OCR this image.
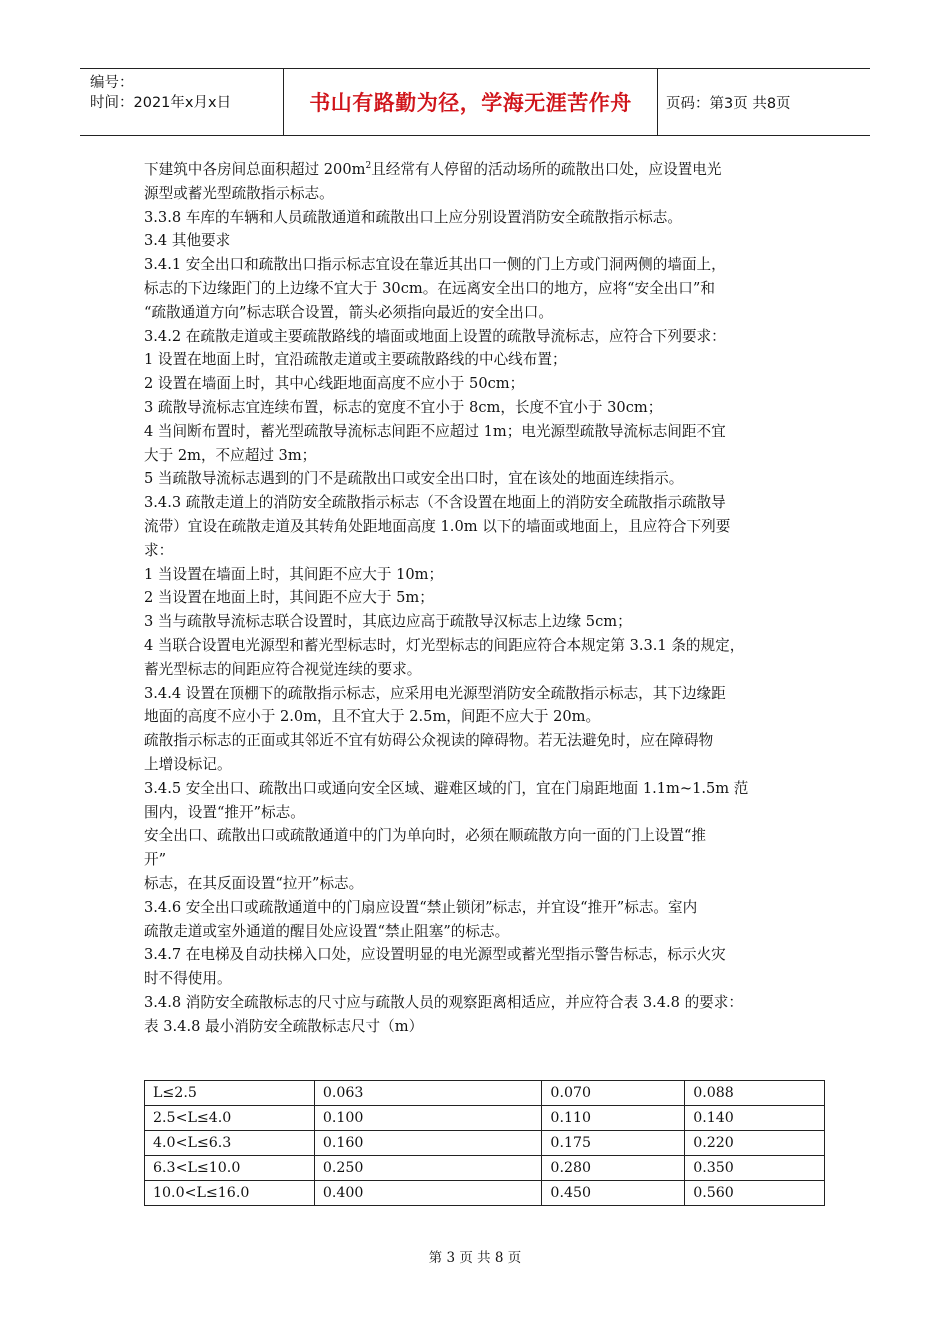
编号：
时间：2021年x月x日	书山有路勤为径，学海无涯苦作舟	页码：第3页 共8页

下建筑中各房间总面积超过 $200m^2$且经常有人停留的活动场所的疏散出口处，应设置电光

源型或蓄光型疏散指示标志。

3.3.8 车库的车辆和人员疏散通道和疏散出口上应分别设置消防安全疏散指示标志。

3.4 其他要求

3.4.1 安全出口和疏散出口指示标志宜设在靠近其出口一侧的门上方或门洞两侧的墙面上，

标志的下边缘距门的上边缘不宜大于 30cm。在远离安全出口的地方，应将“安全出口”和

“疏散通道方向”标志联合设置，箭头必须指向最近的安全出口。

3.4.2 在疏散走道或主要疏散路线的墙面或地面上设置的疏散导流标志，应符合下列要求：

1 设置在地面上时，宜沿疏散走道或主要疏散路线的中心线布置；

2 设置在墙面上时，其中心线距地面高度不应小于 50cm；

3 疏散导流标志宜连续布置，标志的宽度不宜小于 8cm，长度不宜小于 30cm；

4 当间断布置时，蓄光型疏散导流标志间距不应超过 1m；电光源型疏散导流标志间距不宜

大于 2m，不应超过 3m；

5 当疏散导流标志遇到的门不是疏散出口或安全出口时，宜在该处的地面连续指示。

3.4.3 疏散走道上的消防安全疏散指示标志（不含设置在地面上的消防安全疏散指示疏散导

流带）宜设在疏散走道及其转角处距地面高度 1.0m 以下的墙面或地面上，且应符合下列要

求：

1 当设置在墙面上时，其间距不应大于 10m；

2 当设置在地面上时，其间距不应大于 5m；

3 当与疏散导流标志联合设置时，其底边应高于疏散导汉标志上边缘 5cm；

4 当联合设置电光源型和蓄光型标志时，灯光型标志的间距应符合本规定第 3.3.1 条的规定，

蓄光型标志的间距应符合视觉连续的要求。

3.4.4 设置在顶棚下的疏散指示标志，应采用电光源型消防安全疏散指示标志，其下边缘距

地面的高度不应小于 2.0m，且不宜大于 2.5m，间距不应大于 20m。

疏散指示标志的正面或其邻近不宜有妨碍公众视读的障碍物。若无法避免时，应在障碍物

上增设标记。

3.4.5 安全出口、疏散出口或通向安全区域、避难区域的门，宜在门扇距地面 1.1m~1.5m 范

围内，设置“推开”标志。

安全出口、疏散出口或疏散通道中的门为单向时，必须在顺疏散方向一面的门上设置“推

开”

标志，在其反面设置“拉开”标志。

3.4.6 安全出口或疏散通道中的门扇应设置“禁止锁闭”标志，并宜设“推开”标志。室内

疏散走道或室外通道的醒目处应设置“禁止阻塞”的标志。

3.4.7 在电梯及自动扶梯入口处，应设置明显的电光源型或蓄光型指示警告标志，标示火灾

时不得使用。

3.4.8 消防安全疏散标志的尺寸应与疏散人员的观察距离相适应，并应符合表 3.4.8 的要求：

表 3.4.8 最小消防安全疏散标志尺寸（m）

L≤2.5	0.063	0.070	0.088
2.5<L≤4.0	0.100	0.110	0.140
4.0<L≤6.3	0.160	0.175	0.220
6.3<L≤10.0	0.250	0.280	0.350
10.0<L≤16.0	0.400	0.450	0.560
第 3 页 共 8 页
